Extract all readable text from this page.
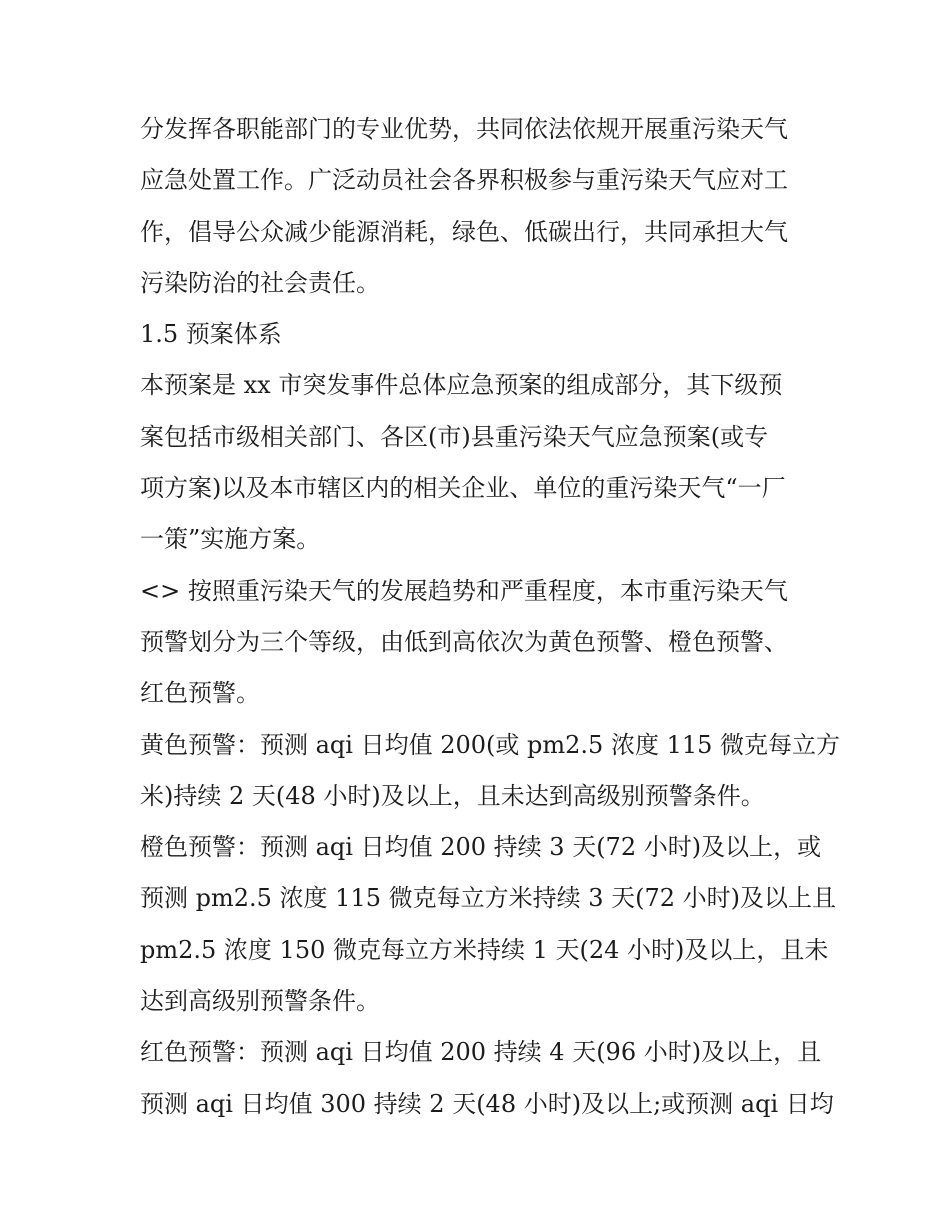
分发挥各职能部门的专业优势，共同依法依规开展重污染天气
应急处置工作。广泛动员社会各界积极参与重污染天气应对工
作，倡导公众减少能源消耗，绿色、低碳出行，共同承担大气
污染防治的社会责任。
1.5 预案体系
本预案是 xx 市突发事件总体应急预案的组成部分，其下级预
案包括市级相关部门、各区(市)县重污染天气应急预案(或专
项方案)以及本市辖区内的相关企业、单位的重污染天气“一厂
一策”实施方案。
<> 按照重污染天气的发展趋势和严重程度，本市重污染天气
预警划分为三个等级，由低到高依次为黄色预警、橙色预警、
红色预警。
黄色预警：预测 aqi 日均值 200(或 pm2.5 浓度 115 微克每立方
米)持续 2 天(48 小时)及以上，且未达到高级别预警条件。
橙色预警：预测 aqi 日均值 200 持续 3 天(72 小时)及以上，或
预测 pm2.5 浓度 115 微克每立方米持续 3 天(72 小时)及以上且
pm2.5 浓度 150 微克每立方米持续 1 天(24 小时)及以上，且未
达到高级别预警条件。
红色预警：预测 aqi 日均值 200 持续 4 天(96 小时)及以上，且
预测 aqi 日均值 300 持续 2 天(48 小时)及以上;或预测 aqi 日均
